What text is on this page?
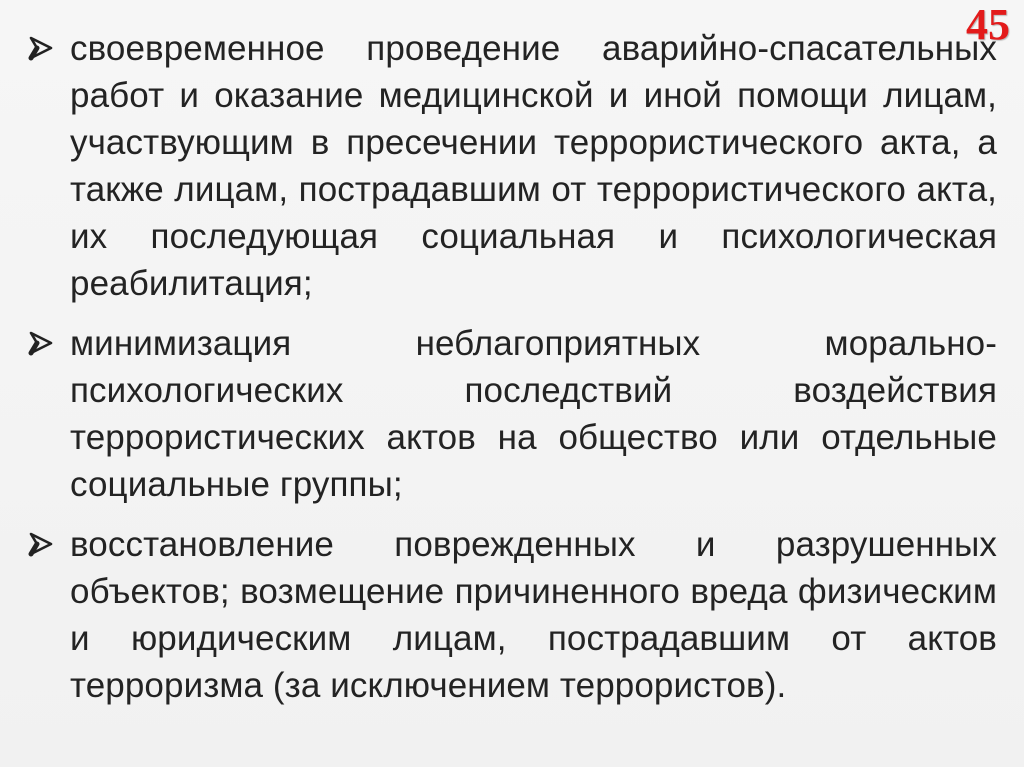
45
своевременное проведение аварийно-спасательных работ и оказание медицинской и иной помощи лицам, участвующим в пресечении террористического акта, а также лицам, пострадавшим от террористического акта, их последующая социальная и психологическая реабилитация;
минимизация неблагоприятных морально-психологических последствий воздействия террористических актов на общество или отдельные социальные группы;
восстановление поврежденных и разрушенных объектов; возмещение причиненного вреда физическим и юридическим лицам, пострадавшим от актов терроризма (за исключением террористов).
